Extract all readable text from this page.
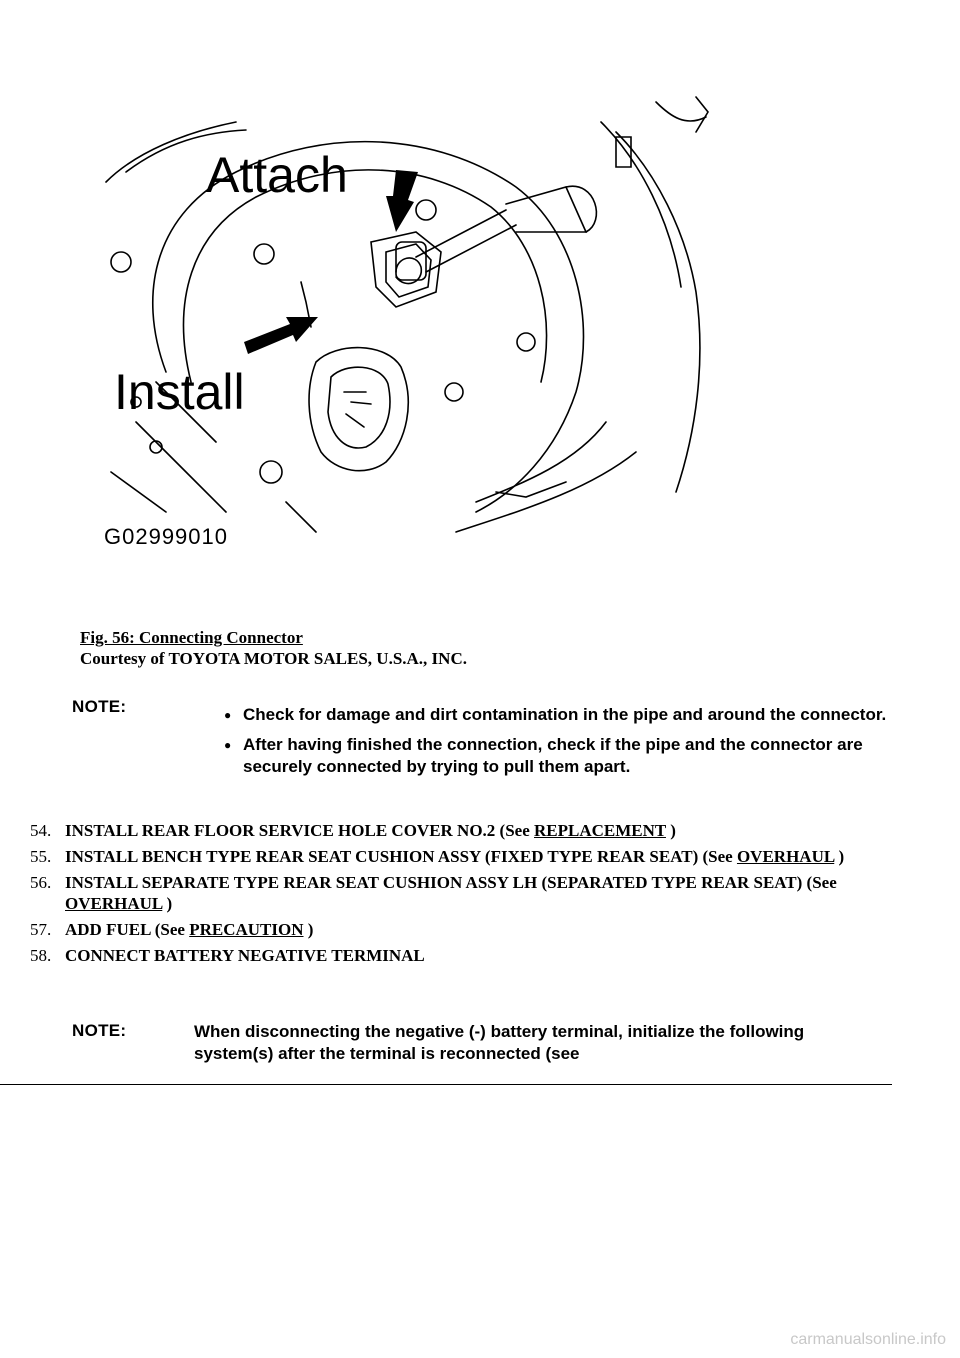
Attach
Install
G02999010
Fig. 56: Connecting Connector
Courtesy of TOYOTA MOTOR SALES, U.S.A., INC.
NOTE:	● Check for damage and dirt contamination in the pipe and around the connector.
● After having finished the connection, check if the pipe and the connector are securely connected by trying to pull them apart.
54. INSTALL REAR FLOOR SERVICE HOLE COVER NO.2 (See REPLACEMENT )
55. INSTALL BENCH TYPE REAR SEAT CUSHION ASSY (FIXED TYPE REAR SEAT) (See OVERHAUL )
56. INSTALL SEPARATE TYPE REAR SEAT CUSHION ASSY LH (SEPARATED TYPE REAR SEAT) (See OVERHAUL )
57. ADD FUEL (See PRECAUTION )
58. CONNECT BATTERY NEGATIVE TERMINAL
NOTE:	When disconnecting the negative (-) battery terminal, initialize the following system(s) after the terminal is reconnected (see
carmanualsonline.info
